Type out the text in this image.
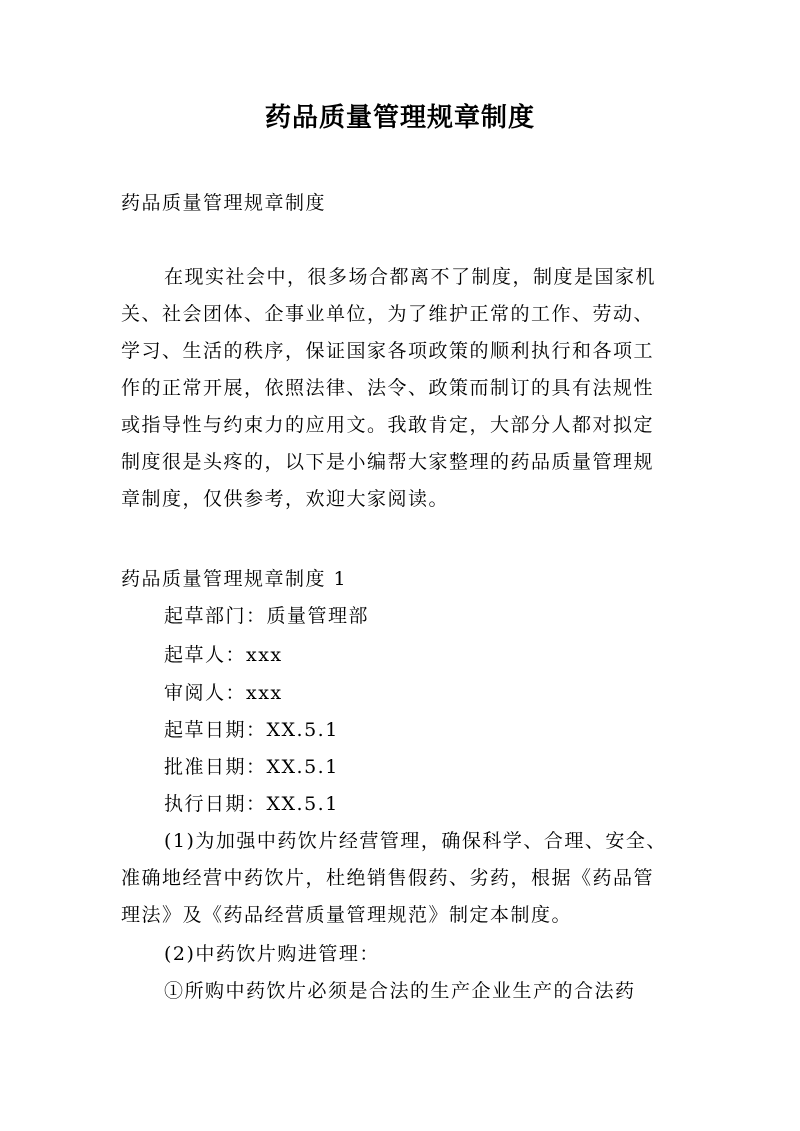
药品质量管理规章制度
药品质量管理规章制度
在现实社会中，很多场合都离不了制度，制度是国家机
关、社会团体、企事业单位，为了维护正常的工作、劳动、
学习、生活的秩序，保证国家各项政策的顺利执行和各项工
作的正常开展，依照法律、法令、政策而制订的具有法规性
或指导性与约束力的应用文。我敢肯定，大部分人都对拟定
制度很是头疼的，以下是小编帮大家整理的药品质量管理规
章制度，仅供参考，欢迎大家阅读。
药品质量管理规章制度 1
起草部门：质量管理部
起草人：xxx
审阅人：xxx
起草日期：XX.5.1
批准日期：XX.5.1
执行日期：XX.5.1
(1)为加强中药饮片经营管理，确保科学、合理、安全、
准确地经营中药饮片，杜绝销售假药、劣药，根据《药品管
理法》及《药品经营质量管理规范》制定本制度。
(2)中药饮片购进管理：
①所购中药饮片必须是合法的生产企业生产的合法药
